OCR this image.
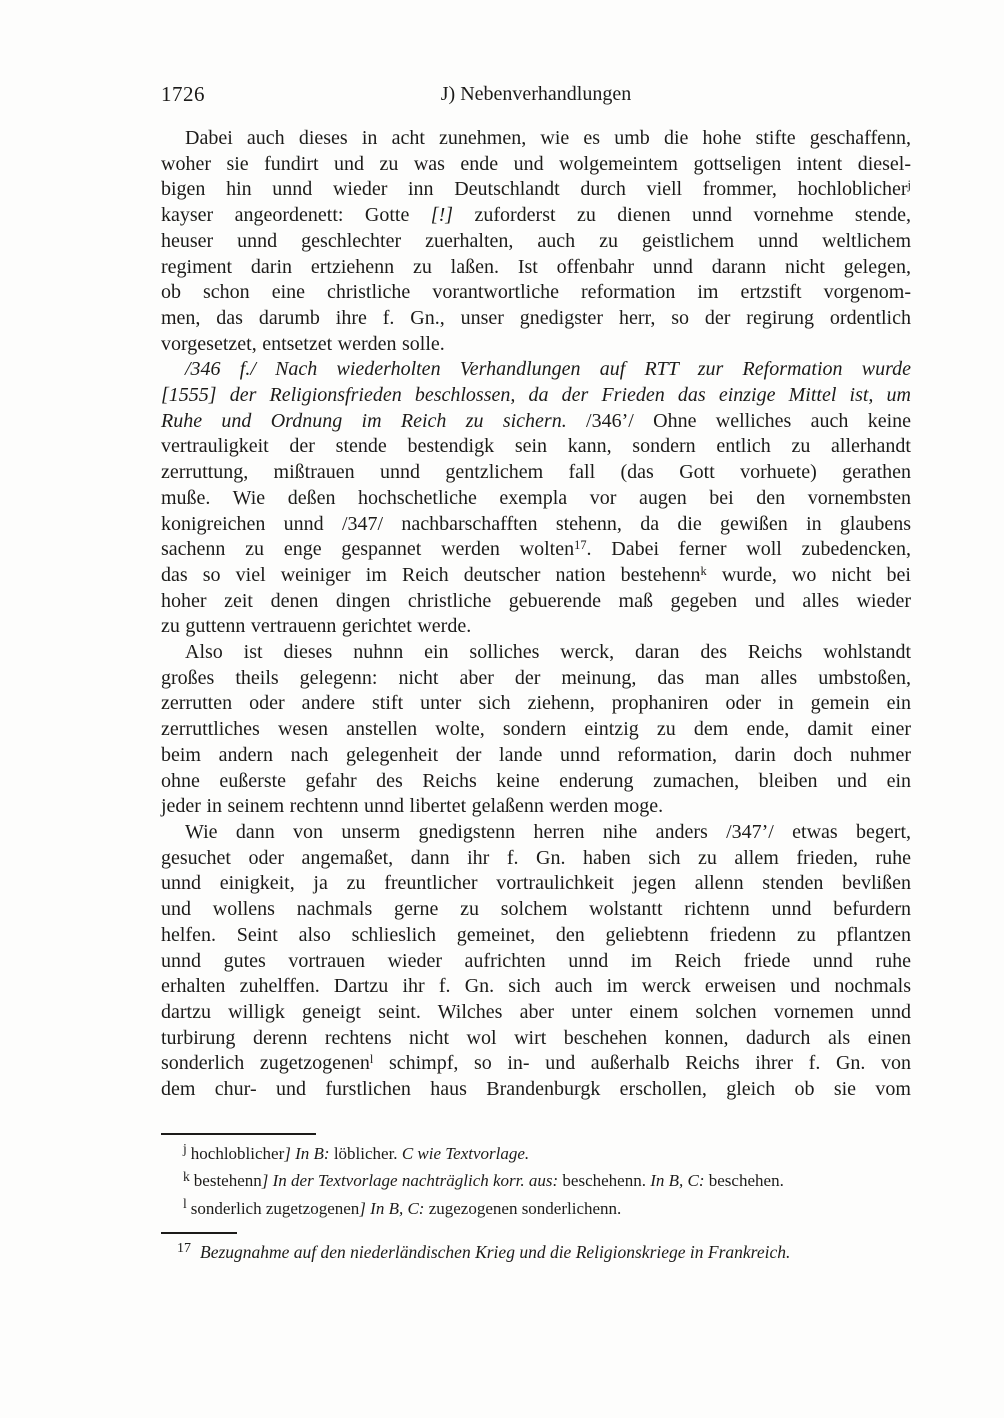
1726	J) Nebenverhandlungen
Dabei auch dieses in acht zunehmen, wie es umb die hohe stifte geschaffenn,
woher sie fundirt und zu was ende und wolgemeintem gottseligen intent diesel-
bigen hin unnd wieder inn Deutschlandt durch viell frommer, hochloblicher$^j$
kayser angeordenett: Gotte [!] zuforderst zu dienen unnd vornehme stende,
heuser unnd geschlechter zuerhalten, auch zu geistlichem unnd weltlichem
regiment darin ertziehenn zu laßen. Ist offenbahr unnd darann nicht gelegen,
ob schon eine christliche vorantwortliche reformation im ertzstift vorgenom-
men, das darumb ihre f. Gn., unser gnedigster herr, so der regirung ordentlich
vorgesetzet, entsetzet werden solle.
/346 f./ Nach wiederholten Verhandlungen auf RTT zur Reformation wurde
[1555] der Religionsfrieden beschlossen, da der Frieden das einzige Mittel ist, um
Ruhe und Ordnung im Reich zu sichern. /346’/ Ohne welliches auch keine
vertrauligkeit der stende bestendigk sein kann, sondern entlich zu allerhandt
zerruttung, mißtrauen unnd gentzlichem fall (das Gott vorhuete) gerathen
muße. Wie deßen hochschetliche exempla vor augen bei den vornembsten
konigreichen unnd /347/ nachbarschafften stehenn, da die gewißen in glaubens
sachenn zu enge gespannet werden wolten$^{17}$. Dabei ferner woll zubedencken,
das so viel weiniger im Reich deutscher nation bestehenn$^k$ wurde, wo nicht bei
hoher zeit denen dingen christliche gebuerende maß gegeben und alles wieder
zu guttenn vertrauenn gerichtet werde.
Also ist dieses nuhnn ein solliches werck, daran des Reichs wohlstandt
großes theils gelegenn: nicht aber der meinung, das man alles umbstoßen,
zerrutten oder andere stift unter sich ziehenn, prophaniren oder in gemein ein
zerruttliches wesen anstellen wolte, sondern eintzig zu dem ende, damit einer
beim andern nach gelegenheit der lande unnd reformation, darin doch nuhmer
ohne eußerste gefahr des Reichs keine enderung zumachen, bleiben und ein
jeder in seinem rechtenn unnd libertet gelaßenn werden moge.
Wie dann von unserm gnedigstenn herren nihe anders /347’/ etwas begert,
gesuchet oder angemaßet, dann ihr f. Gn. haben sich zu allem frieden, ruhe
unnd einigkeit, ja zu freuntlicher vortraulichkeit jegen allenn stenden bevlißen
und wollens nachmals gerne zu solchem wolstantt richtenn unnd befurdern
helfen. Seint also schlieslich gemeinet, den geliebtenn friedenn zu pflantzen
unnd gutes vortrauen wieder aufrichten unnd im Reich friede unnd ruhe
erhalten zuhelffen. Dartzu ihr f. Gn. sich auch im werck erweisen und nochmals
dartzu willigk geneigt seint. Wilches aber unter einem solchen vornemen unnd
turbirung derenn rechtens nicht wol wirt beschehen konnen, dadurch als einen
sonderlich zugetzogenen$^l$ schimpf, so in- und außerhalb Reichs ihrer f. Gn. von
dem chur- und furstlichen haus Brandenburgk erschollen, gleich ob sie vom
$^j$ hochloblicher] In B: löblicher. C wie Textvorlage.
$^k$ bestehenn] In der Textvorlage nachträglich korr. aus: beschehenn. In B, C: beschehen.
$^l$ sonderlich zugetzogenen] In B, C: zugezogenen sonderlichenn.
$^{17}$ Bezugnahme auf den niederländischen Krieg und die Religionskriege in Frankreich.
